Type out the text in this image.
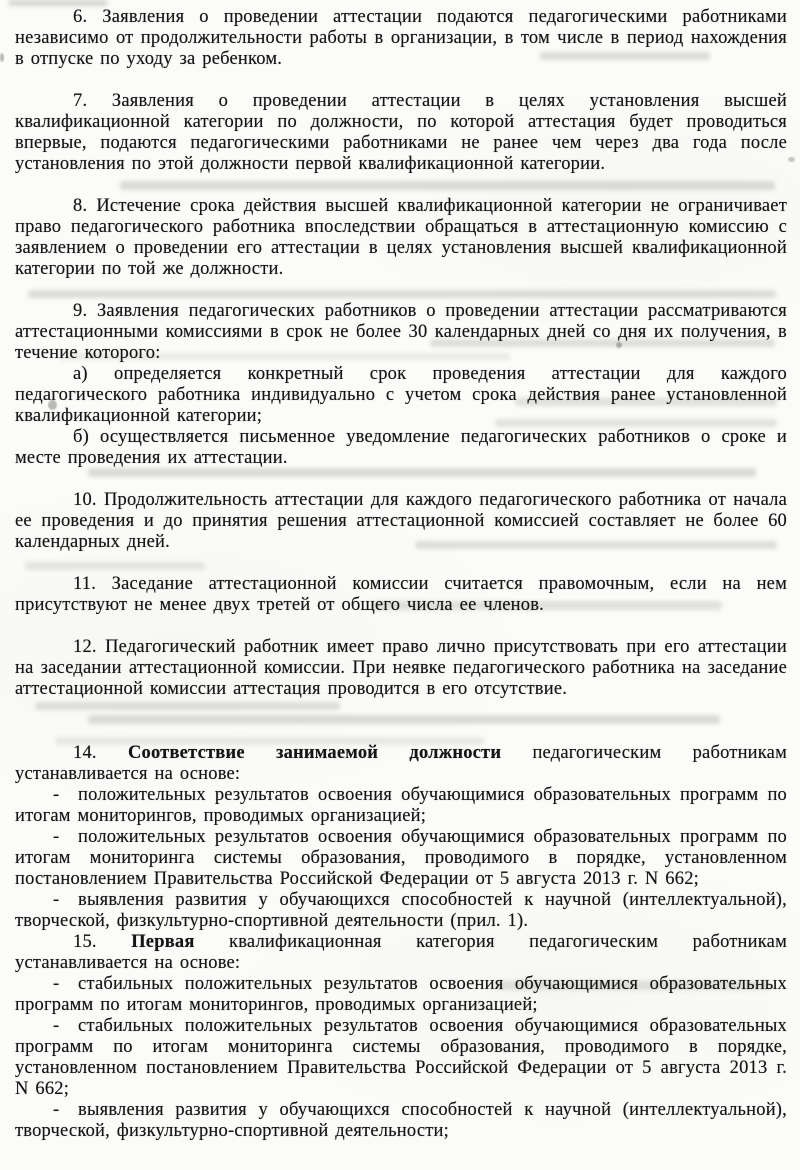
6. Заявления о проведении аттестации подаются педагогическими работниками независимо от продолжительности работы в организации, в том числе в период нахождения в отпуске по уходу за ребенком.

7. Заявления о проведении аттестации в целях установления высшей квалификационной категории по должности, по которой аттестация будет проводиться впервые, подаются педагогическими работниками не ранее чем через два года после установления по этой должности первой квалификационной категории.

8. Истечение срока действия высшей квалификационной категории не ограничивает право педагогического работника впоследствии обращаться в аттестационную комиссию с заявлением о проведении его аттестации в целях установления высшей квалификационной категории по той же должности.

9. Заявления педагогических работников о проведении аттестации рассматриваются аттестационными комиссиями в срок не более 30 календарных дней со дня их получения, в течение которого:

а) определяется конкретный срок проведения аттестации для каждого педагогического работника индивидуально с учетом срока действия ранее установленной квалификационной категории;

б) осуществляется письменное уведомление педагогических работников о сроке и месте проведения их аттестации.

10. Продолжительность аттестации для каждого педагогического работника от начала ее проведения и до принятия решения аттестационной комиссией составляет не более 60 календарных дней.

11. Заседание аттестационной комиссии считается правомочным, если на нем присутствуют не менее двух третей от общего числа ее членов.

12. Педагогический работник имеет право лично присутствовать при его аттестации на заседании аттестационной комиссии. При неявке педагогического работника на заседание аттестационной комиссии аттестация проводится в его отсутствие.

14. Соответствие занимаемой должности педагогическим работникам устанавливается на основе:

- положительных результатов освоения обучающимися образовательных программ по итогам мониторингов, проводимых организацией;

- положительных результатов освоения обучающимися образовательных программ по итогам мониторинга системы образования, проводимого в порядке, установленном постановлением Правительства Российской Федерации от 5 августа 2013 г. N 662;

- выявления развития у обучающихся способностей к научной (интеллектуальной), творческой, физкультурно-спортивной деятельности (прил. 1).

15. Первая квалификационная категория педагогическим работникам устанавливается на основе:

- стабильных положительных результатов освоения обучающимися образовательных программ по итогам мониторингов, проводимых организацией;

- стабильных положительных результатов освоения обучающимися образовательных программ по итогам мониторинга системы образования, проводимого в порядке, установленном постановлением Правительства Российской Федерации от 5 августа 2013 г. N 662;

- выявления развития у обучающихся способностей к научной (интеллектуальной), творческой, физкультурно-спортивной деятельности;
